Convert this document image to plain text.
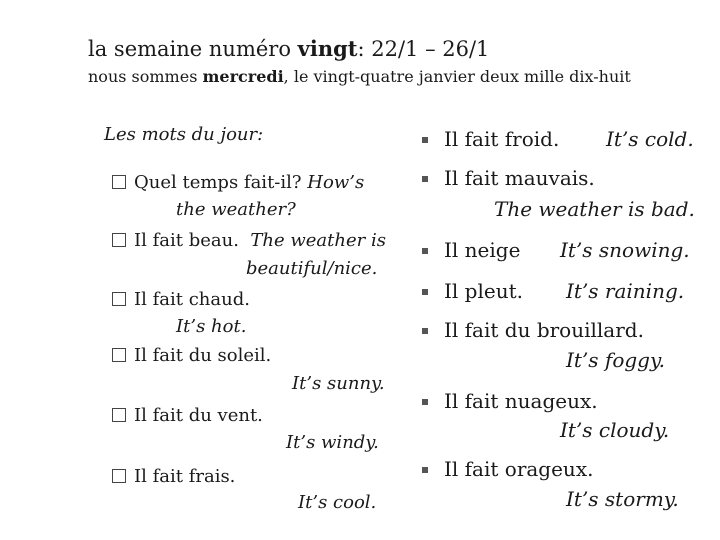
la semaine numéro vingt: 22/1 – 26/1
nous sommes mercredi, le vingt-quatre janvier deux mille dix-huit
Les mots du jour:
Quel temps fait-il? How’s
the weather?
Il fait beau. The weather is
beautiful/nice.
Il fait chaud.
It’s hot.
Il fait du soleil.
It’s sunny.
Il fait du vent.
It’s windy.
Il fait frais.
It’s cool.
Il fait froid. It’s cold.
Il fait mauvais.
The weather is bad.
Il neige It’s snowing.
Il pleut. It’s raining.
Il fait du brouillard.
It’s foggy.
Il fait nuageux.
It’s cloudy.
Il fait orageux.
It’s stormy.
